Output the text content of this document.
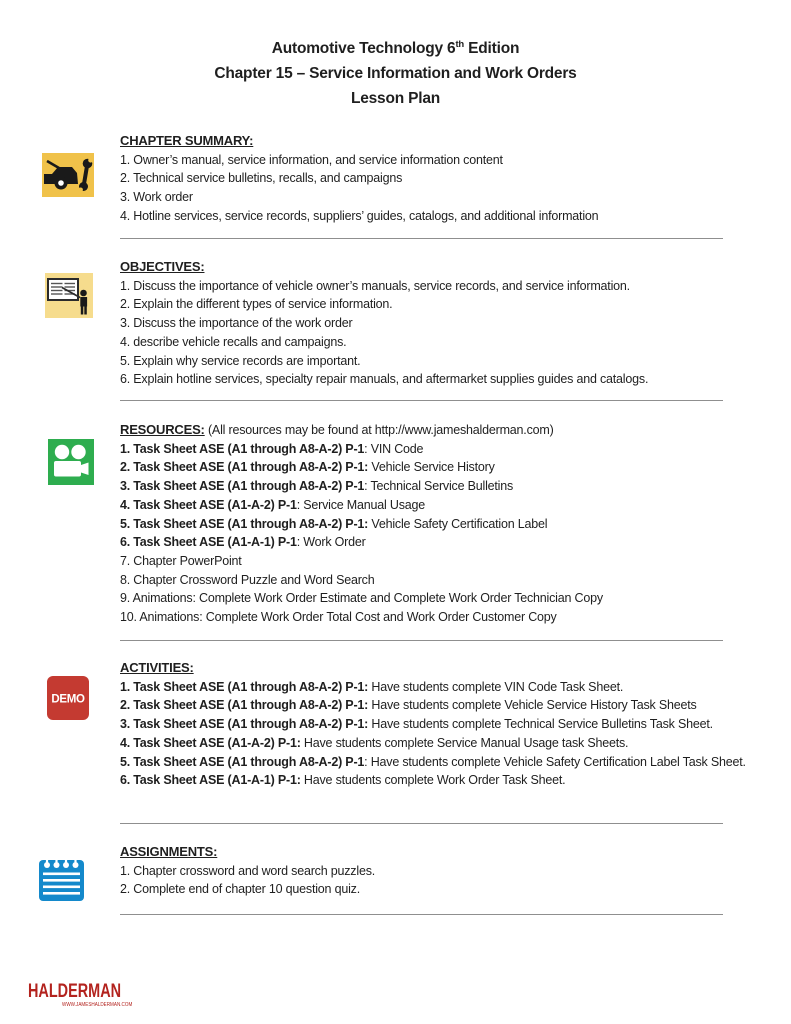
Automotive Technology 6th Edition
Chapter 15 – Service Information and Work Orders
Lesson Plan
CHAPTER SUMMARY:
1. Owner’s manual, service information, and service information content
2. Technical service bulletins, recalls, and campaigns
3. Work order
4. Hotline services, service records, suppliers’ guides, catalogs, and additional information
OBJECTIVES:
1. Discuss the importance of vehicle owner’s manuals, service records, and service information.
2. Explain the different types of service information.
3. Discuss the importance of the work order
4. describe vehicle recalls and campaigns.
5. Explain why service records are important.
6. Explain hotline services, specialty repair manuals, and aftermarket supplies guides and catalogs.
RESOURCES: (All resources may be found at http://www.jameshalderman.com)
1. Task Sheet ASE (A1 through A8-A-2) P-1: VIN Code
2. Task Sheet ASE (A1 through A8-A-2) P-1: Vehicle Service History
3. Task Sheet ASE (A1 through A8-A-2) P-1: Technical Service Bulletins
4. Task Sheet ASE (A1-A-2) P-1: Service Manual Usage
5. Task Sheet ASE (A1 through A8-A-2) P-1: Vehicle Safety Certification Label
6. Task Sheet ASE (A1-A-1) P-1: Work Order
7. Chapter PowerPoint
8. Chapter Crossword Puzzle and Word Search
9. Animations: Complete Work Order Estimate and Complete Work Order Technician Copy
10. Animations: Complete Work Order Total Cost and Work Order Customer Copy
ACTIVITIES:
1. Task Sheet ASE (A1 through A8-A-2) P-1: Have students complete VIN Code Task Sheet.
2. Task Sheet ASE (A1 through A8-A-2) P-1: Have students complete Vehicle Service History Task Sheets
3. Task Sheet ASE (A1 through A8-A-2) P-1: Have students complete Technical Service Bulletins Task Sheet.
4. Task Sheet ASE (A1-A-2) P-1: Have students complete Service Manual Usage task Sheets.
5. Task Sheet ASE (A1 through A8-A-2) P-1: Have students complete Vehicle Safety Certification Label Task Sheet.
6. Task Sheet ASE (A1-A-1) P-1: Have students complete Work Order Task Sheet.
ASSIGNMENTS:
1. Chapter crossword and word search puzzles.
2. Complete end of chapter 10 question quiz.
DEMO
HALDERMAN
WWW.JAMESHALDERMAN.COM
